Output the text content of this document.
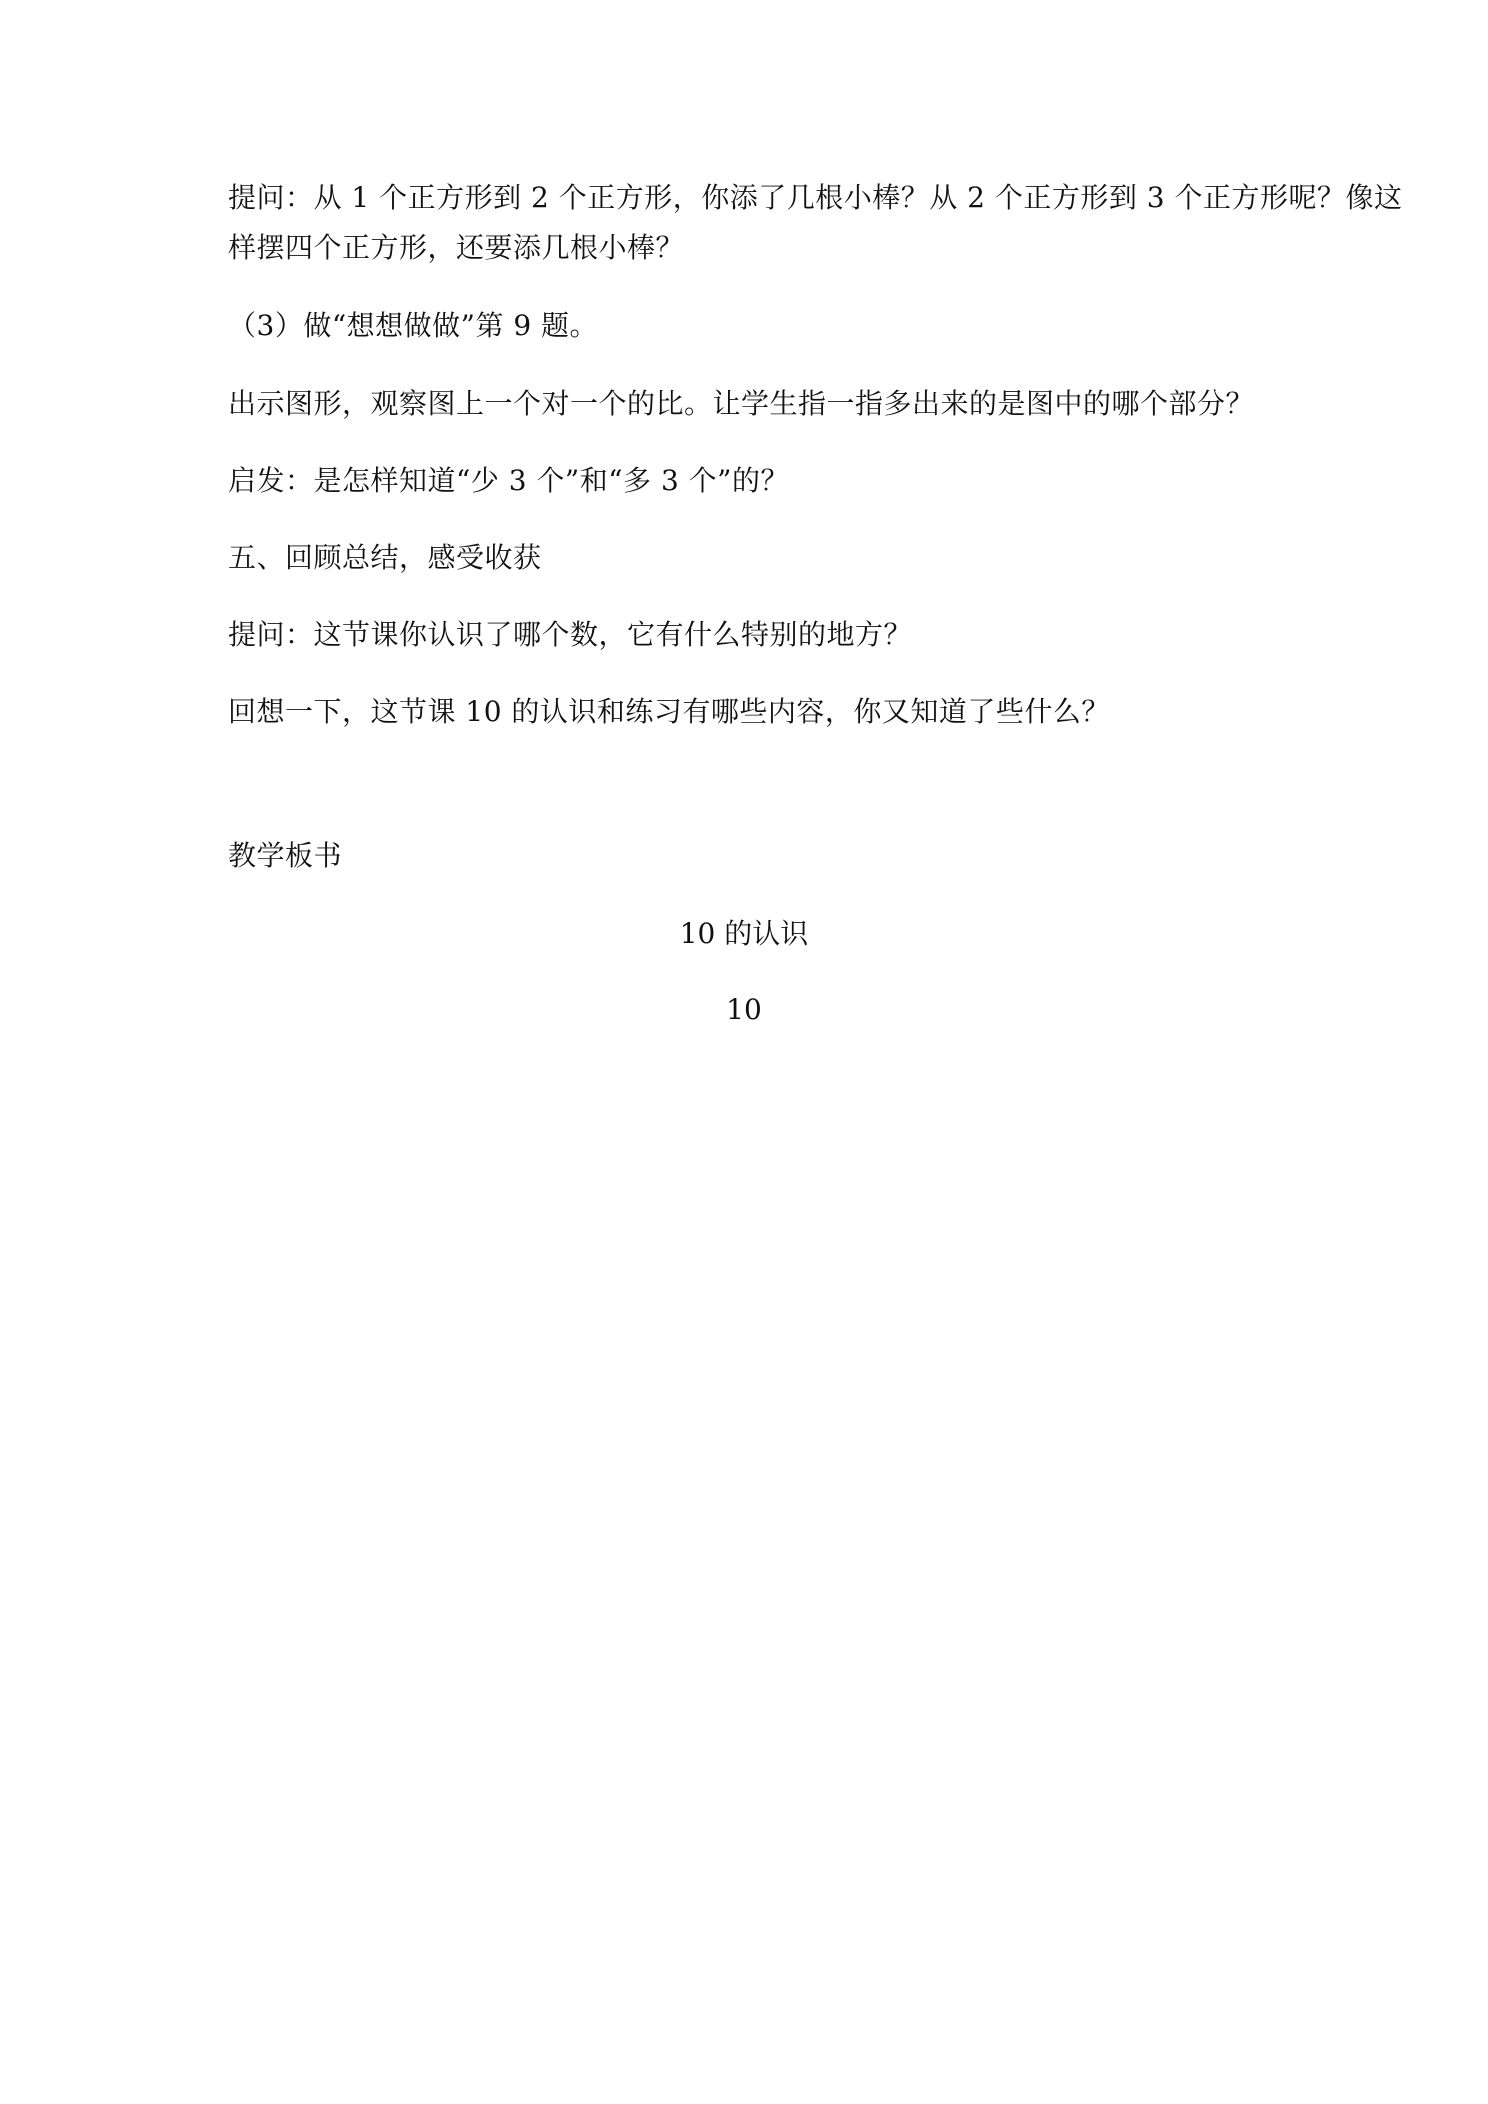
提问：从 1 个正方形到 2 个正方形，你添了几根小棒？从 2 个正方形到 3 个正方形呢？像这
样摆四个正方形，还要添几根小棒？
（3）做“想想做做”第 9 题。
出示图形，观察图上一个对一个的比。让学生指一指多出来的是图中的哪个部分？
启发：是怎样知道“少 3 个”和“多 3 个”的？
五、回顾总结，感受收获
提问：这节课你认识了哪个数，它有什么特别的地方？
回想一下，这节课 10 的认识和练习有哪些内容，你又知道了些什么？
教学板书
10 的认识
10
